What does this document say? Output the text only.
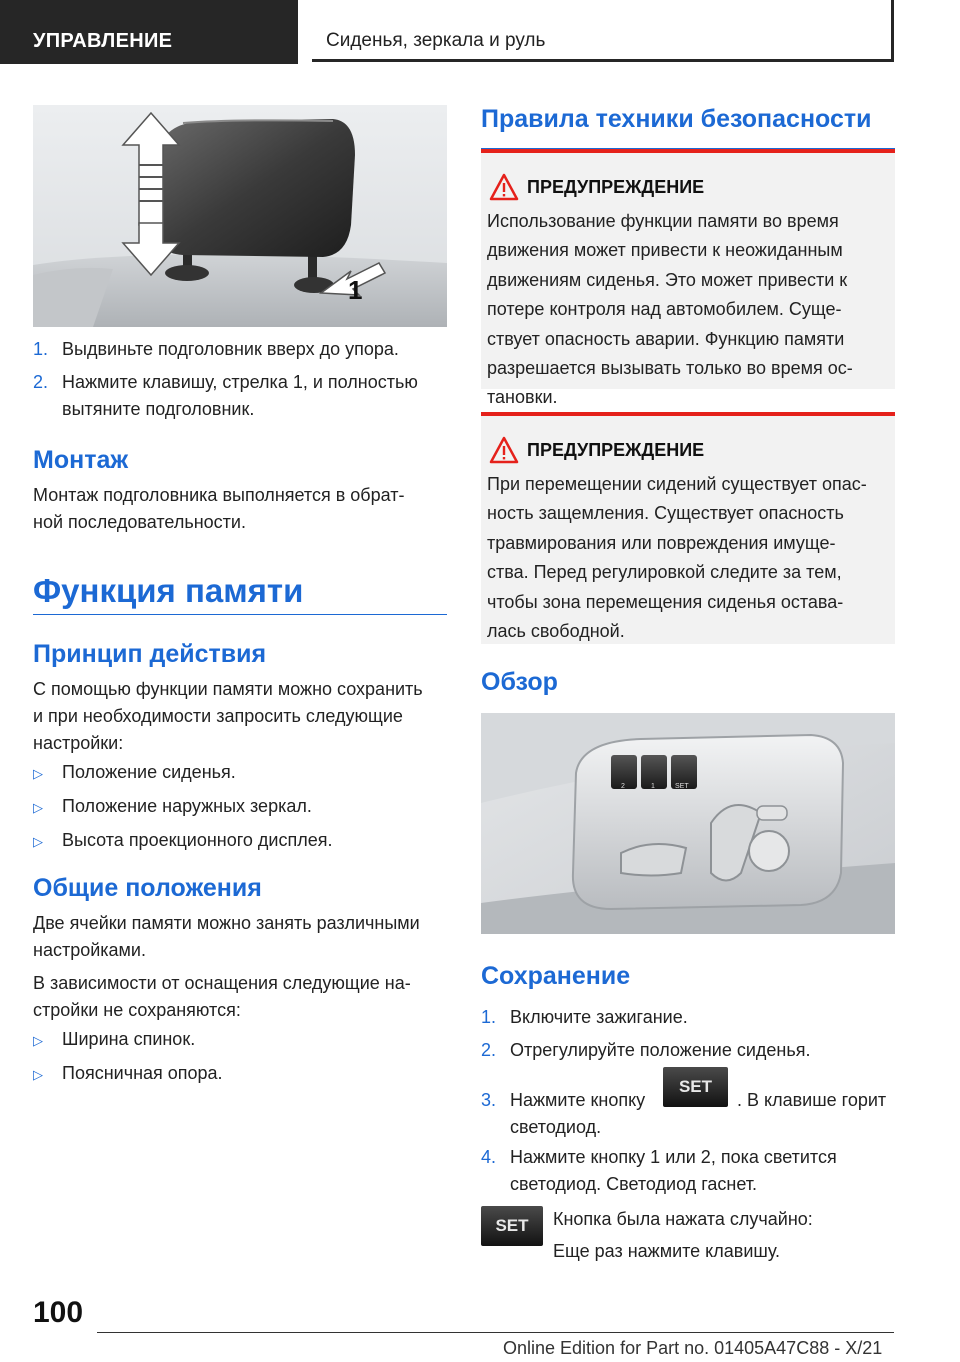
УПРАВЛЕНИЕ	Сиденья, зеркала и руль
1
1. Выдвиньте подголовник вверх до упора.
2. Нажмите клавишу, стрелка 1, и полностью
вытяните подголовник.
Монтаж
Монтаж подголовника выполняется в обрат-
ной последовательности.
Функция памяти
Принцип действия
С помощью функции памяти можно сохранить
и при необходимости запросить следующие
настройки:
▷ Положение сиденья.
▷ Положение наружных зеркал.
▷ Высота проекционного дисплея.
Общие положения
Две ячейки памяти можно занять различными
настройками.
В зависимости от оснащения следующие на-
стройки не сохраняются:
▷ Ширина спинок.
▷ Поясничная опора.
Правила техники безопасности
ПРЕДУПРЕЖДЕНИЕ
Использование функции памяти во время
движения может привести к неожиданным
движениям сиденья. Это может привести к
потере контроля над автомобилем. Суще-
ствует опасность аварии. Функцию памяти
разрешается вызывать только во время ос-
тановки.
ПРЕДУПРЕЖДЕНИЕ
При перемещении сидений существует опас-
ность защемления. Существует опасность
травмирования или повреждения имуще-
ства. Перед регулировкой следите за тем,
чтобы зона перемещения сиденья остава-
лась свободной.
Обзор
2	1	SET
Сохранение
1. Включите зажигание.
2. Отрегулируйте положение сиденья.
3. Нажмите кнопку
SET
. В клавише горит
светодиод.
4. Нажмите кнопку 1 или 2, пока светится
светодиод. Светодиод гаснет.
SET	Кнопка была нажата случайно:
Еще раз нажмите клавишу.
100
Online Edition for Part no. 01405A47C88 - X/21
